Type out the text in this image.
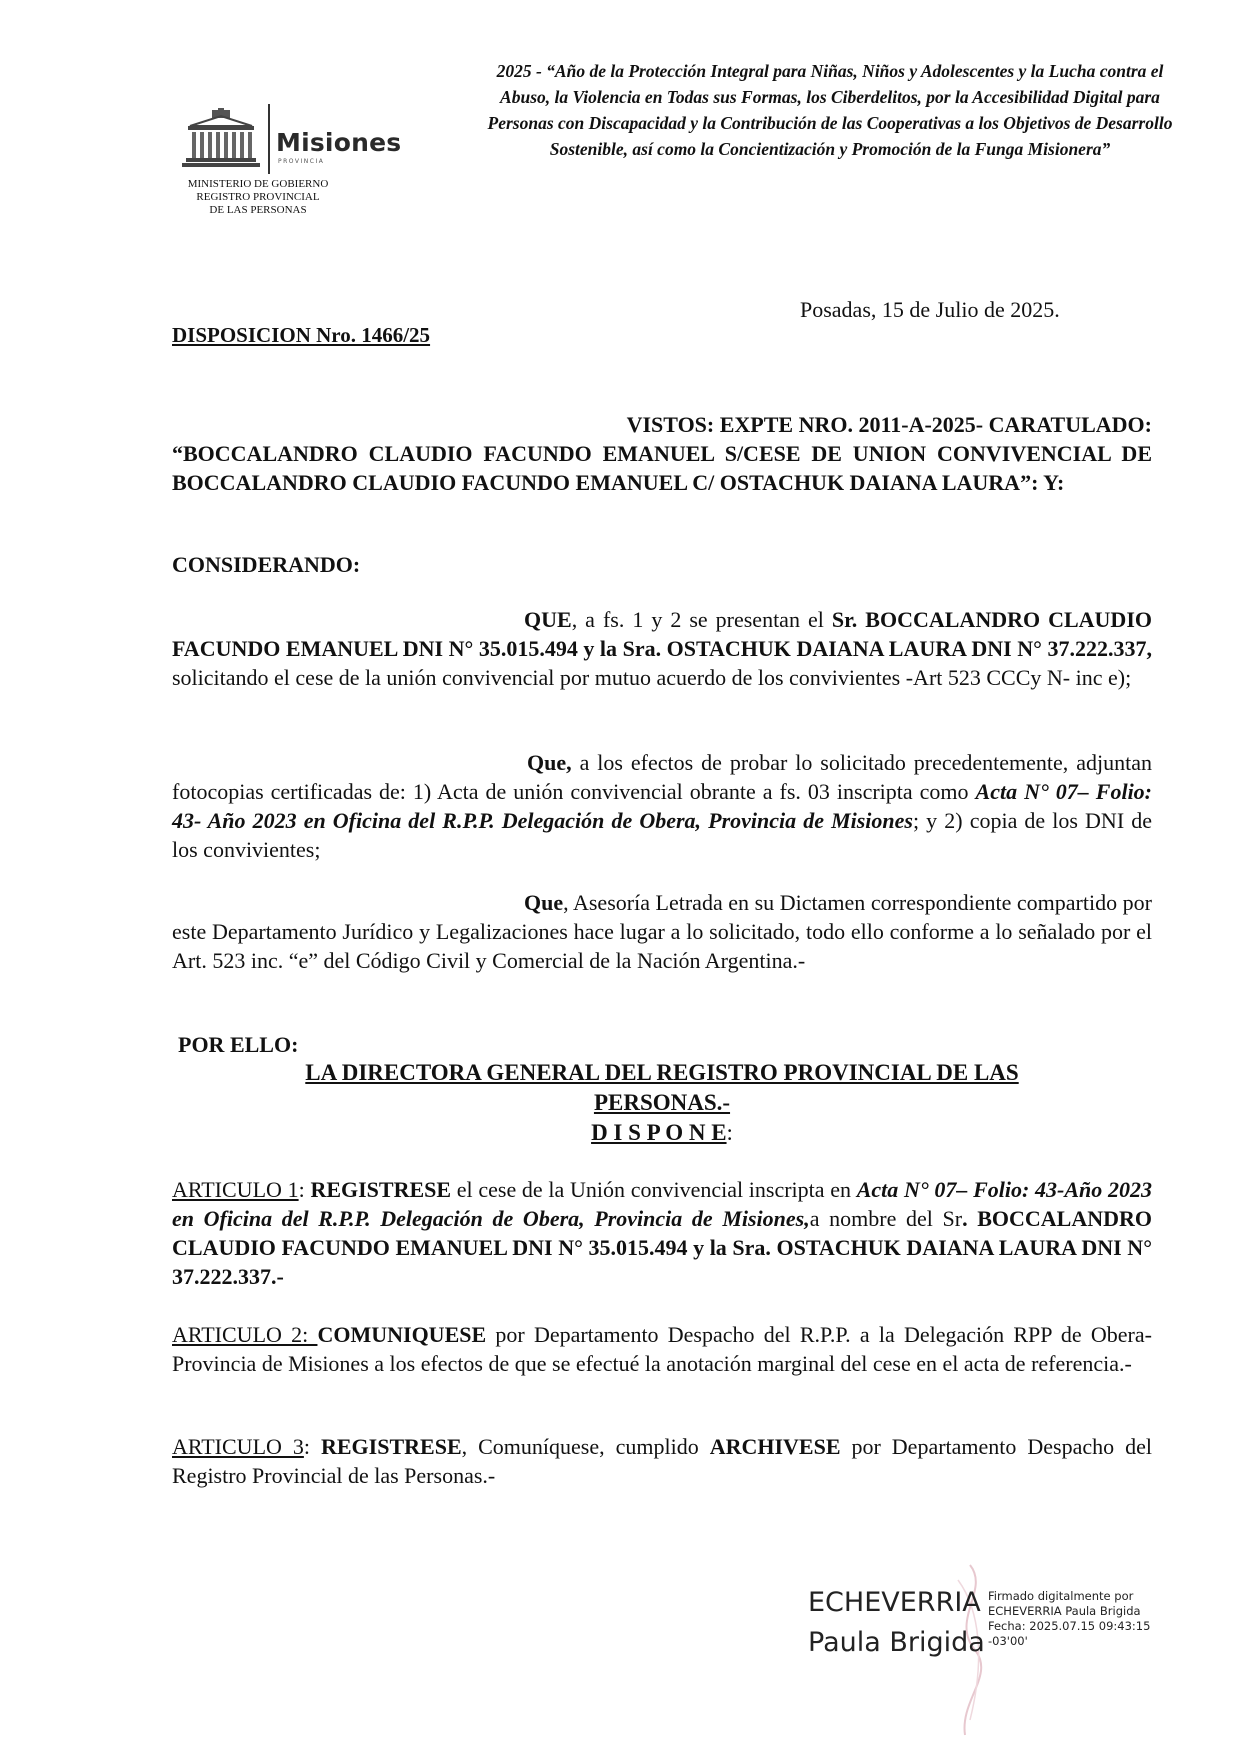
Misiones
PROVINCIA
MINISTERIO DE GOBIERNO
REGISTRO PROVINCIAL
DE LAS PERSONAS
2025 - “Año de la Protección Integral para Niñas, Niños y Adolescentes y la Lucha contra el Abuso, la Violencia en Todas sus Formas, los Ciberdelitos, por la Accesibilidad Digital para Personas con Discapacidad y la Contribución de las Cooperativas a los Objetivos de Desarrollo Sostenible, así como la Concientización y Promoción de la Funga Misionera”
Posadas, 15 de Julio de 2025.
DISPOSICION Nro. 1466/25
VISTOS: EXPTE NRO. 2011-A-2025- CARATULADO:
“BOCCALANDRO CLAUDIO FACUNDO EMANUEL S/CESE DE UNION CONVIVENCIAL DE BOCCALANDRO CLAUDIO FACUNDO EMANUEL C/ OSTACHUK DAIANA LAURA”: Y:
CONSIDERANDO:
QUE, a fs. 1 y 2 se presentan el Sr. BOCCALANDRO CLAUDIO FACUNDO EMANUEL DNI N° 35.015.494 y la Sra. OSTACHUK DAIANA LAURA DNI N° 37.222.337, solicitando el cese de la unión convivencial por mutuo acuerdo de los convivientes -Art 523 CCCy N- inc e);
Que, a los efectos de probar lo solicitado precedentemente, adjuntan fotocopias certificadas de: 1) Acta de unión convivencial obrante a fs. 03 inscripta como Acta N° 07– Folio: 43- Año 2023 en Oficina del R.P.P. Delegación de Obera, Provincia de Misiones; y 2) copia de los DNI de los convivientes;
Que, Asesoría Letrada en su Dictamen correspondiente compartido por este Departamento Jurídico y Legalizaciones hace lugar a lo solicitado, todo ello conforme a lo señalado por el Art. 523 inc. “e” del Código Civil y Comercial de la Nación Argentina.-
POR ELLO:
LA DIRECTORA GENERAL DEL REGISTRO PROVINCIAL DE LAS
PERSONAS.-
D I S P O N E:
ARTICULO 1: REGISTRESE el cese de la Unión convivencial inscripta en Acta N° 07– Folio: 43-Año 2023 en Oficina del R.P.P. Delegación de Obera, Provincia de Misiones,a nombre del Sr. BOCCALANDRO CLAUDIO FACUNDO EMANUEL DNI N° 35.015.494 y la Sra. OSTACHUK DAIANA LAURA DNI N° 37.222.337.-
ARTICULO 2: COMUNIQUESE por Departamento Despacho del R.P.P. a la Delegación RPP de Obera-Provincia de Misiones a los efectos de que se efectué la anotación marginal del cese en el acta de referencia.-
ARTICULO 3: REGISTRESE, Comuníquese, cumplido ARCHIVESE por Departamento Despacho del Registro Provincial de las Personas.-
ECHEVERRIA
Paula Brigida
Firmado digitalmente por
ECHEVERRIA Paula Brigida
Fecha: 2025.07.15 09:43:15
-03'00'
